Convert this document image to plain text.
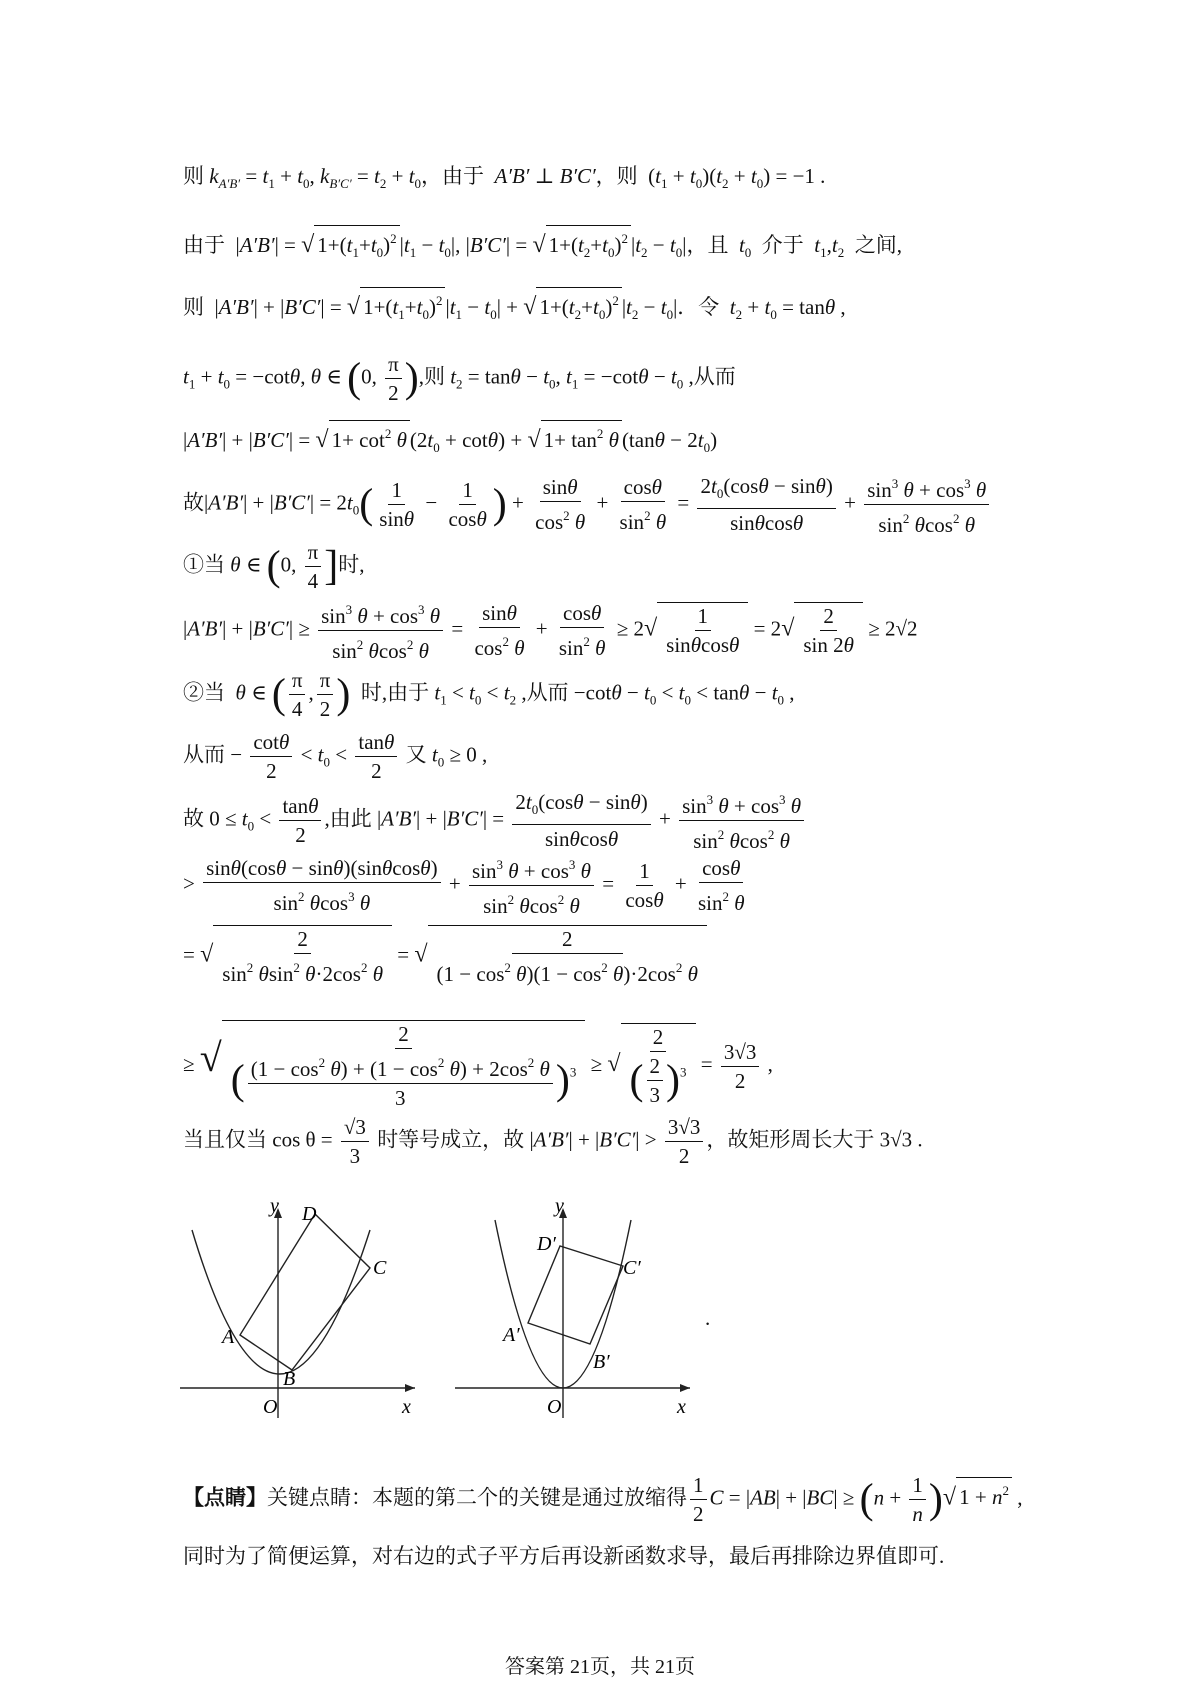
则 $k_{A'B'} = t_1 + t_0$, $k_{B'C'} = t_2 + t_0$，由于  A′B′ ⊥ B′C′，则  $(t_1 + t_0)(t_2 + t_0) = -1$ .
由于  |A′B′| = √ $1+(t_1+t_0)^2$ $|t_1 - t_0|$, |B′C′| = √ $1+(t_2+t_0)^2$ $|t_2 - t_0|$，且  $t_0$  介于  $t_1,t_2$  之间,
则  |A′B′| + |B′C′| = √ $1+(t_1+t_0)^2$ $|t_1 - t_0|$ + √ $1+(t_2+t_0)^2$ $|t_2 - t_0|$．令  $t_2 + t_0 = \tan\theta$ ,
$t_1 + t_0 = -\cot\theta$, θ ∈ (0, $\frac{\pi}{2}$ ),则 $t_2 = \tan\theta - t_0$, $t_1 = -\cot\theta - t_0$ ,从而
|A′B′| + |B′C′| = √ $1+ \cot^2 \theta$ $(2t_0 + \cot\theta)$ + √ $1+ \tan^2 \theta$ $(\tan\theta - 2t_0)$
故$|A'B'| + |B'C'| = 2t_0( \frac{1}{\sin\theta} - \frac{1}{\cos\theta}$ ) + $\frac{\sin\theta}{\cos^2 \theta} + \frac{\cos\theta}{\sin^2 \theta} = \frac{2t_0(\cos\theta - \sin\theta)}{\sin\theta\cos\theta} + \frac{\sin^3 \theta + \cos^3 \theta}{\sin^2 \theta\cos^2 \theta}$
①当 θ ∈ (0, $\frac{\pi}{4}$ ]时,
$|A'B'| + |B'C'| \ge \frac{\sin^3 \theta + \cos^3 \theta}{\sin^2 \theta\cos^2 \theta} = \frac{\sin\theta}{\cos^2 \theta} + \frac{\cos\theta}{\sin^2 \theta} \ge 2√ \frac{1}{\sin\theta\cos\theta} = 2√ \frac{2}{\sin 2\theta} \ge 2√2$
②当 θ ∈ ( $\frac{\pi}{4}$ , $\frac{\pi}{2}$ )  时,由于 $t_1 < t_0 < t_2$ ,从而 $-\cot\theta - t_0 < t_0 < \tan\theta - t_0$ ,
从而 − $\frac{\cot\theta}{2} < t_0 < \frac{\tan\theta}{2}$ 又 $t_0 \ge 0$ ,
故 $0 \le t_0 < \frac{\tan\theta}{2}$ ,由此 $|A'B'| + |B'C'| = \frac{2t_0(\cos\theta - \sin\theta)}{\sin\theta\cos\theta} + \frac{\sin^3 \theta + \cos^3 \theta}{\sin^2 \theta\cos^2 \theta}$
> $\frac{\sin\theta(\cos\theta - \sin\theta)(\sin\theta\cos\theta)}{\sin^2 \theta\cos^3 \theta} + \frac{\sin^3 \theta + \cos^3 \theta}{\sin^2 \theta\cos^2 \theta} = \frac{1}{\cos\theta} + \frac{\cos\theta}{\sin^2 \theta}$
= √ $\frac{2}{\sin^2 \theta\sin^2 \theta\cdot 2\cos^2 \theta}$ = √ $\frac{2}{(1 - \cos^2 \theta)(1 - \cos^2 \theta)\cdot 2\cos^2 \theta}$
≥ √ $\frac{2}{( \frac{(1 - \cos^2 \theta) + (1 - \cos^2 \theta) + 2\cos^2 \theta}{3} )^3}$ ≥ √ $\frac{2}{( \frac{2}{3} )^3} = \frac{3√3}{2}$ ,
当且仅当 $\cos \theta = \frac{√3}{3}$ 时等号成立，故 $|A'B'| + |B'C'| > \frac{3√3}{2}$ ，故矩形周长大于 3√3 .
y D
C
A
B
O	x
y
D′
C′
A′
B′
O	x
.
【点睛】关键点睛：本题的第二个的关键是通过放缩得 $\frac{1}{2}$ $C = |AB| + |BC| \ge (n + \frac{1}{n}$ )√ $1 + n^2$ ,
同时为了简便运算，对右边的式子平方后再设新函数求导，最后再排除边界值即可.
答案第 21页，共 21页
